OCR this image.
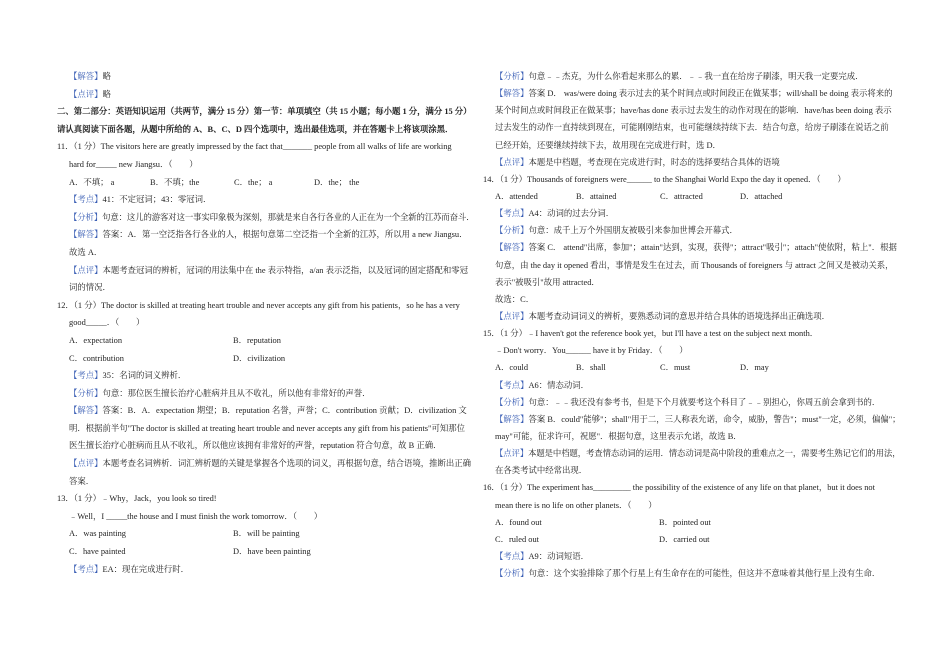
【解答】略
【点评】略
二、第二部分：英语知识运用（共两节，满分 15 分）第一节：单项填空（共 15 小题；每小题 1 分，满分 15 分）
请认真阅读下面各题，从题中所给的 A、B、C、D 四个选项中，选出最佳选项，并在答题卡上将该项涂黑．
11．（1 分）The visitors here are greatly impressed by the fact that_______ people from all walks of life are working
hard for_____ new Jiangsu．（　　）
A．不填； a	B．不填；the	C．the； a	D．the； the
【考点】41：不定冠词；43：零冠词．
【分析】句意：这儿的游客对这一事实印象极为深刻，那就是来自各行各业的人正在为一个全新的江苏而奋斗．
【解答】答案：A．第一空泛指各行各业的人，根据句意第二空泛指一个全新的江苏，所以用 a new Jiangsu．
故选 A．
【点评】本题考查冠词的辨析，冠词的用法集中在 the 表示特指，a/an 表示泛指，以及冠词的固定搭配和零冠
词的情况．
12．（1 分）The doctor is skilled at treating heart trouble and never accepts any gift from his patients，so he has a very
good_____．（　　）
A．expectation	B．reputation
C．contribution	D．civilization
【考点】35：名词的词义辨析．
【分析】句意：那位医生擅长治疗心脏病并且从不收礼，所以他有非常好的声誉．
【解答】答案：B．A．expectation 期望；B．reputation 名誉，声誉；C．contribution 贡献；D．civilization 文
明．根据前半句"The doctor is skilled at treating heart trouble and never accepts any gift from his patients"可知那位
医生擅长治疗心脏病而且从不收礼，所以他应该拥有非常好的声誉，reputation 符合句意，故 B 正确．
【点评】本题考查名词辨析．词汇辨析题的关键是掌握各个选项的词义，再根据句意，结合语境，推断出正确
答案．
13．（1 分）﹣Why，Jack，you look so tired!
﹣Well，I _____the house and I must finish the work tomorrow．（　　）
A．was painting	B．will be painting
C．have painted	D．have been painting
【考点】EA：现在完成进行时．
【分析】句意﹣﹣杰克，为什么你看起来那么的累．﹣﹣我一直在给房子刷漆，明天我一定要完成．
【解答】答案 D． was/were doing 表示过去的某个时间点或时间段正在做某事；will/shall be doing 表示将来的
某个时间点或时间段正在做某事；have/has done 表示过去发生的动作对现在的影响．have/has been doing 表示
过去发生的动作一直持续到现在，可能刚刚结束，也可能继续持续下去．结合句意，给房子刷漆在说话之前
已经开始，还要继续持续下去，故用现在完成进行时，选 D．
【点评】本题是中档题，考查现在完成进行时，时态的选择要结合具体的语境
14．（1 分）Thousands of foreigners were______ to the Shanghai World Expo the day it opened．（　　）
A．attended	B．attained	C．attracted	D．attached
【考点】A4：动词的过去分词．
【分析】句意：成千上万个外国朋友被吸引来参加世博会开幕式．
【解答】答案 C． attend"出席，参加"；attain"达到，实现，获得"；attract"吸引"；attach"使依附，粘上"．根据
句意，由 the day it opened 看出，事情是发生在过去，而 Thousands of foreigners 与 attract 之间又是被动关系，
表示"被吸引"故用 attracted．
故选：C．
【点评】本题考查动词词义的辨析，要熟悉动词的意思并结合具体的语境选择出正确选项．
15．（1 分）﹣I haven't got the reference book yet，but I'll have a test on the subject next month．
﹣Don't worry．You______ have it by Friday．（　　）
A．could	B．shall	C．must	D．may
【考点】A6：情态动词．
【分析】句意：﹣﹣我还没有参考书，但是下个月就要考这个科目了﹣﹣别担心，你周五前会拿到书的．
【解答】答案 B．could"能够"；shall"用于二，三人称表允诺，命令，威胁，警告"；must"一定，必须，偏偏"；
may"可能，征求许可，祝愿"．根据句意，这里表示允诺，故选 B．
【点评】本题是中档题，考查情态动词的运用．情态动词是高中阶段的重难点之一，需要考生熟记它们的用法，
在各类考试中经常出现．
16．（1 分）The experiment has_________ the possibility of the existence of any life on that planet，but it does not
mean there is no life on other planets．（　　）
A．found out	B．pointed out
C．ruled out	D．carried out
【考点】A9：动词短语．
【分析】句意：这个实验排除了那个行星上有生命存在的可能性，但这并不意味着其他行星上没有生命．
